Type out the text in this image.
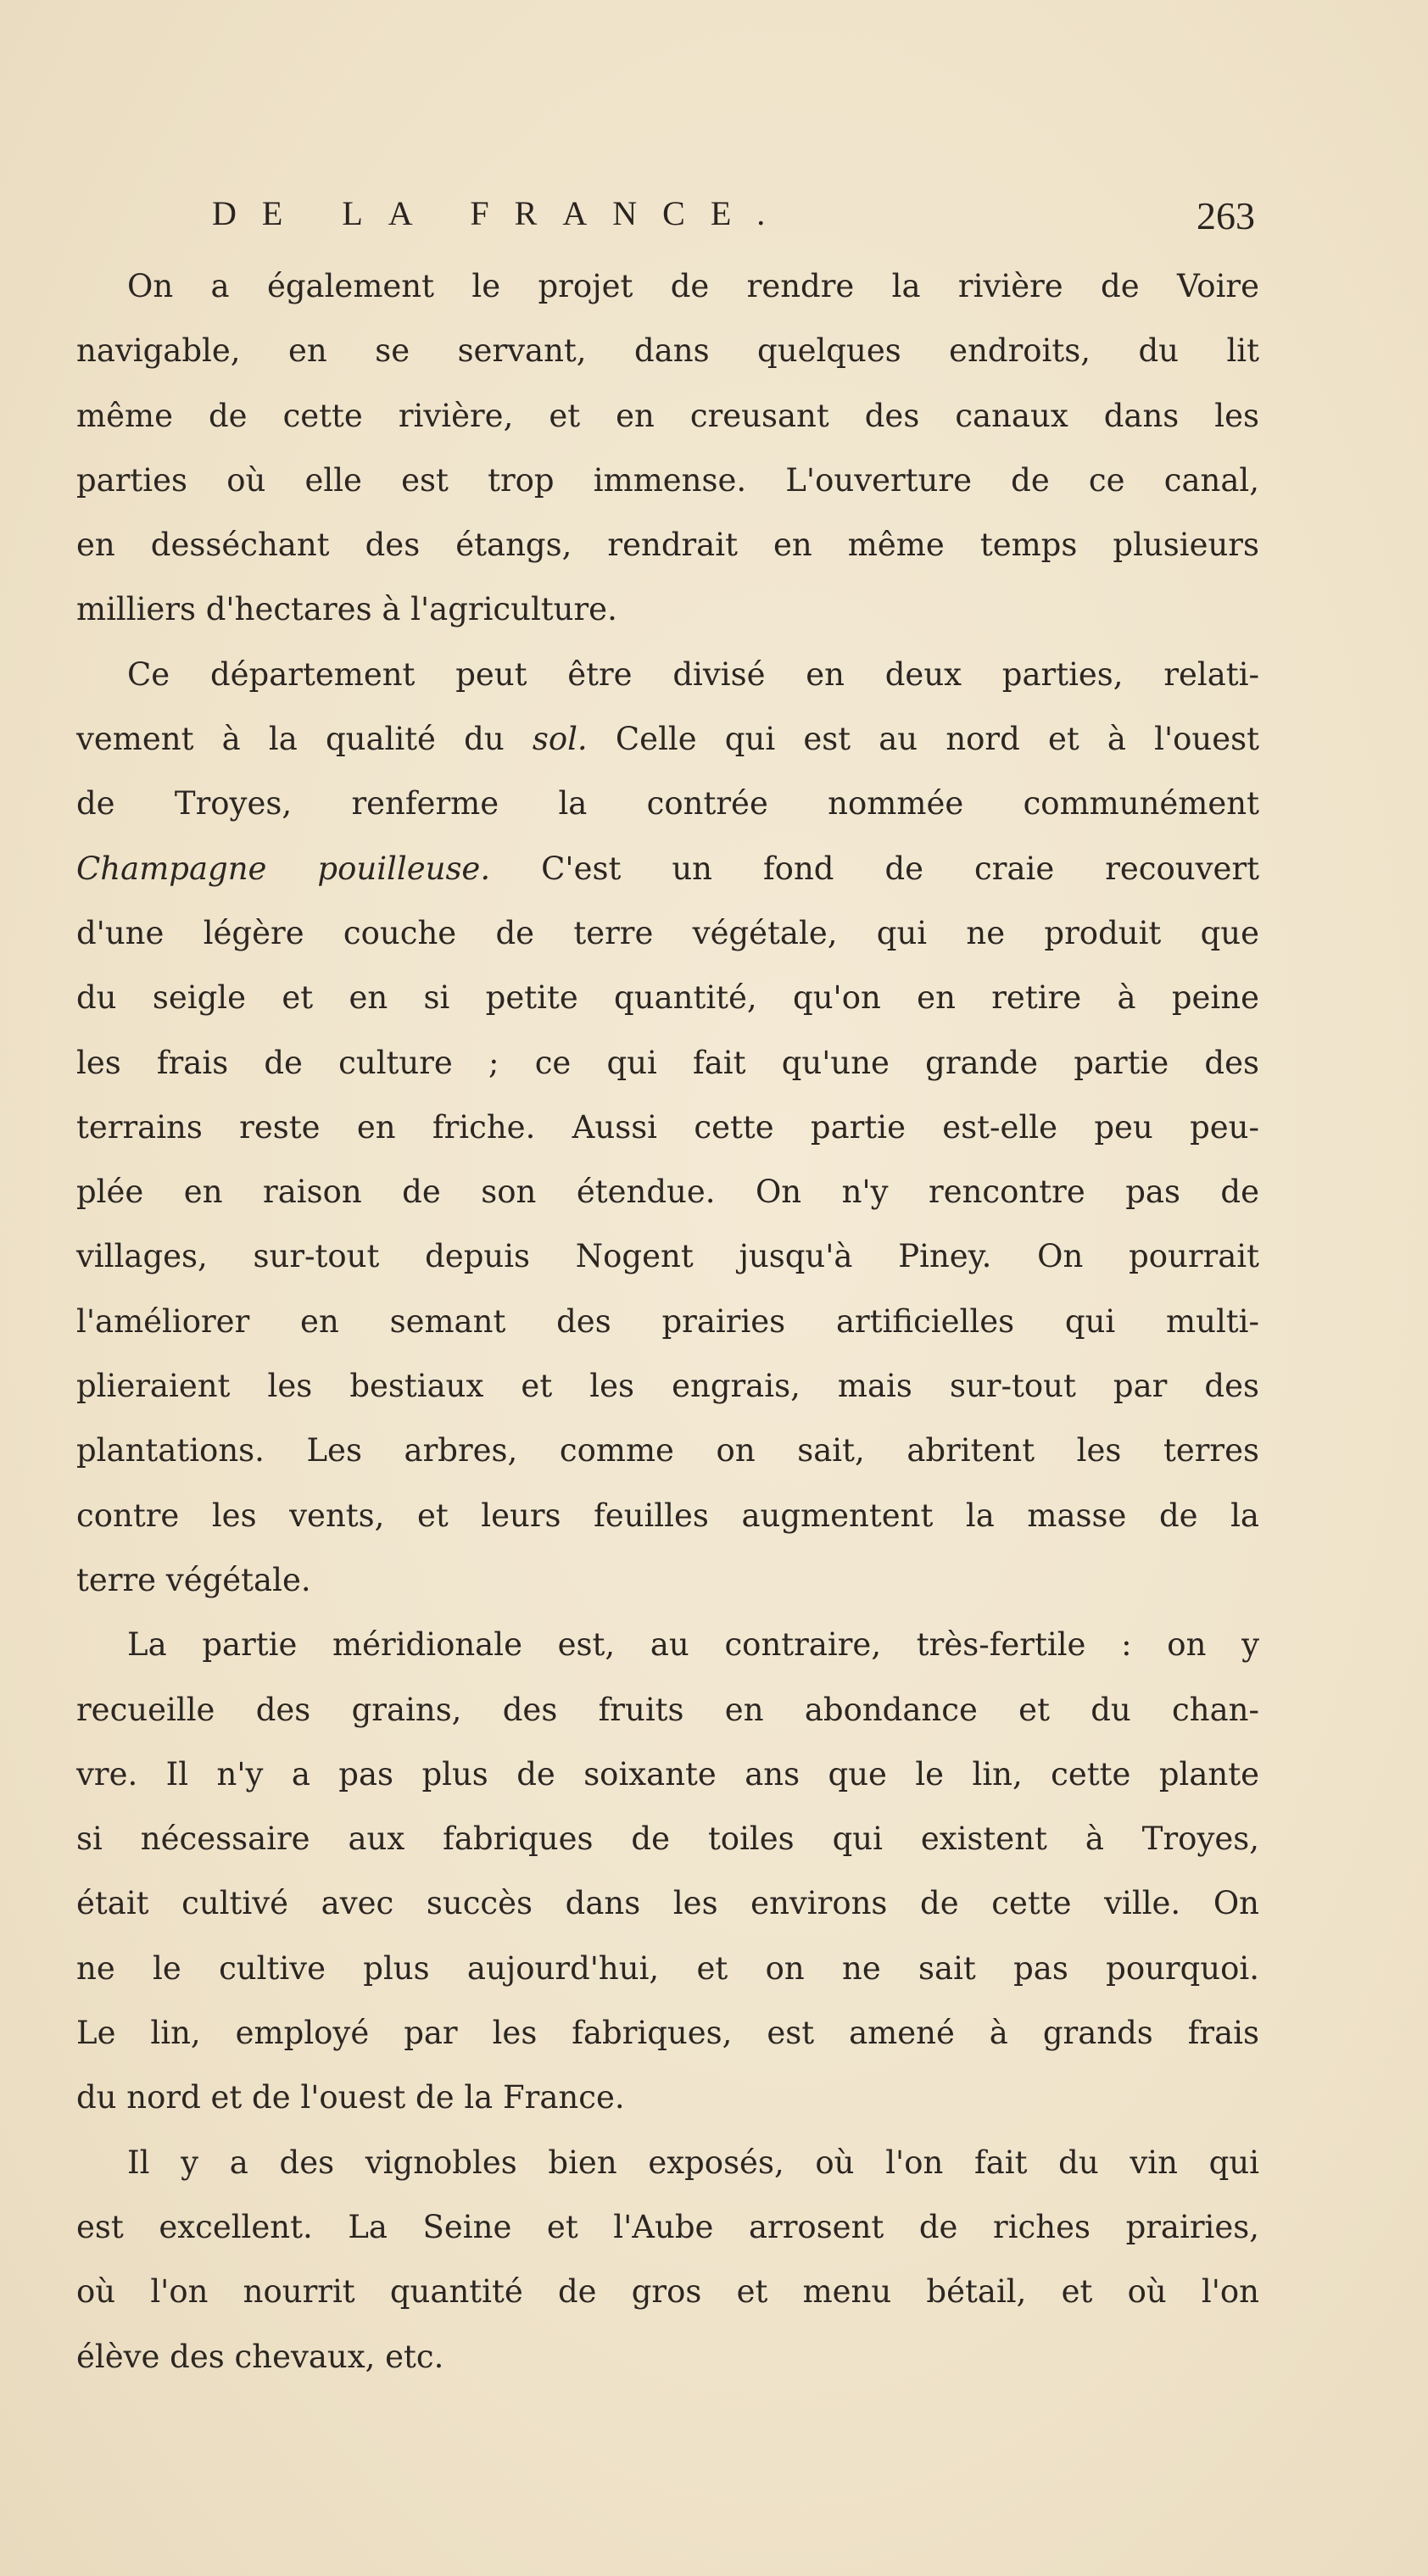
DE LA FRANCE.	263
On a également le projet de rendre la rivière de Voire
navigable, en se servant, dans quelques endroits, du lit
même de cette rivière, et en creusant des canaux dans les
parties où elle est trop immense. L'ouverture de ce canal,
en desséchant des étangs, rendrait en même temps plusieurs
milliers d'hectares à l'agriculture.
Ce département peut être divisé en deux parties, relati-
vement à la qualité du sol. Celle qui est au nord et à l'ouest
de Troyes, renferme la contrée nommée communément
Champagne pouilleuse. C'est un fond de craie recouvert
d'une légère couche de terre végétale, qui ne produit que
du seigle et en si petite quantité, qu'on en retire à peine
les frais de culture ; ce qui fait qu'une grande partie des
terrains reste en friche. Aussi cette partie est-elle peu peu-
plée en raison de son étendue. On n'y rencontre pas de
villages, sur-tout depuis Nogent jusqu'à Piney. On pourrait
l'améliorer en semant des prairies artificielles qui multi-
plieraient les bestiaux et les engrais, mais sur-tout par des
plantations. Les arbres, comme on sait, abritent les terres
contre les vents, et leurs feuilles augmentent la masse de la
terre végétale.
La partie méridionale est, au contraire, très-fertile : on y
recueille des grains, des fruits en abondance et du chan-
vre. Il n'y a pas plus de soixante ans que le lin, cette plante
si nécessaire aux fabriques de toiles qui existent à Troyes,
était cultivé avec succès dans les environs de cette ville. On
ne le cultive plus aujourd'hui, et on ne sait pas pourquoi.
Le lin, employé par les fabriques, est amené à grands frais
du nord et de l'ouest de la France.
Il y a des vignobles bien exposés, où l'on fait du vin qui
est excellent. La Seine et l'Aube arrosent de riches prairies,
où l'on nourrit quantité de gros et menu bétail, et où l'on
élève des chevaux, etc.
